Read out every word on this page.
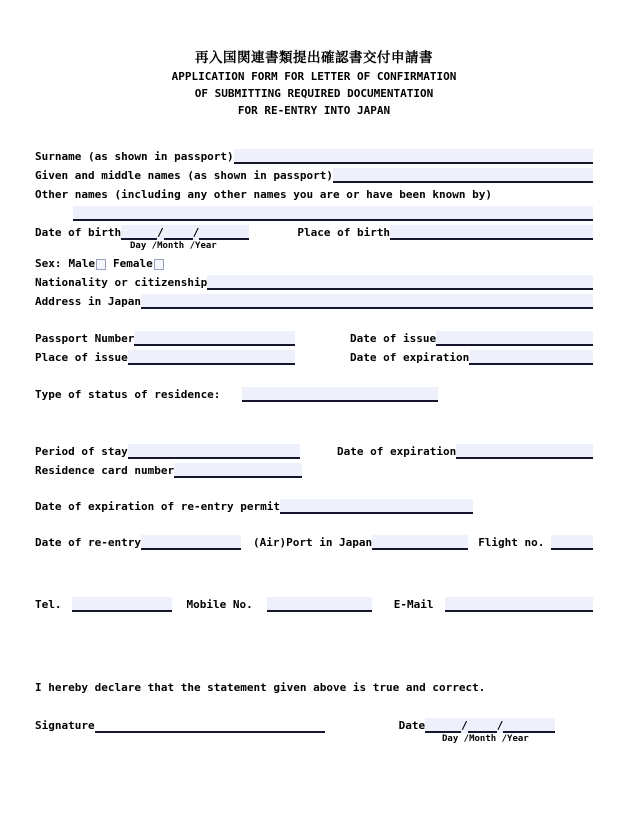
再入国関連書類提出確認書交付申請書
APPLICATION FORM FOR LETTER OF CONFIRMATION
OF SUBMITTING REQUIRED DOCUMENTATION
FOR RE-ENTRY INTO JAPAN
Surname (as shown in passport)
Given and middle names (as shown in passport)
Other names (including any other names you are or have been known by)
Date of birth	/	/	Place of birth
Day /Month /Year
Sex: Male Female
Nationality or citizenship
Address in Japan
Passport Number	Date of issue
Place of issue	Date of expiration
Type of status of residence:
Period of stay	Date of expiration
Residence card number
Date of expiration of re-entry permit
Date of re-entry	(Air)Port in Japan	Flight no.
Tel.	Mobile No.	E-Mail
I hereby declare that the statement given above is true and correct.
Signature	Date	/	/
Day /Month /Year
